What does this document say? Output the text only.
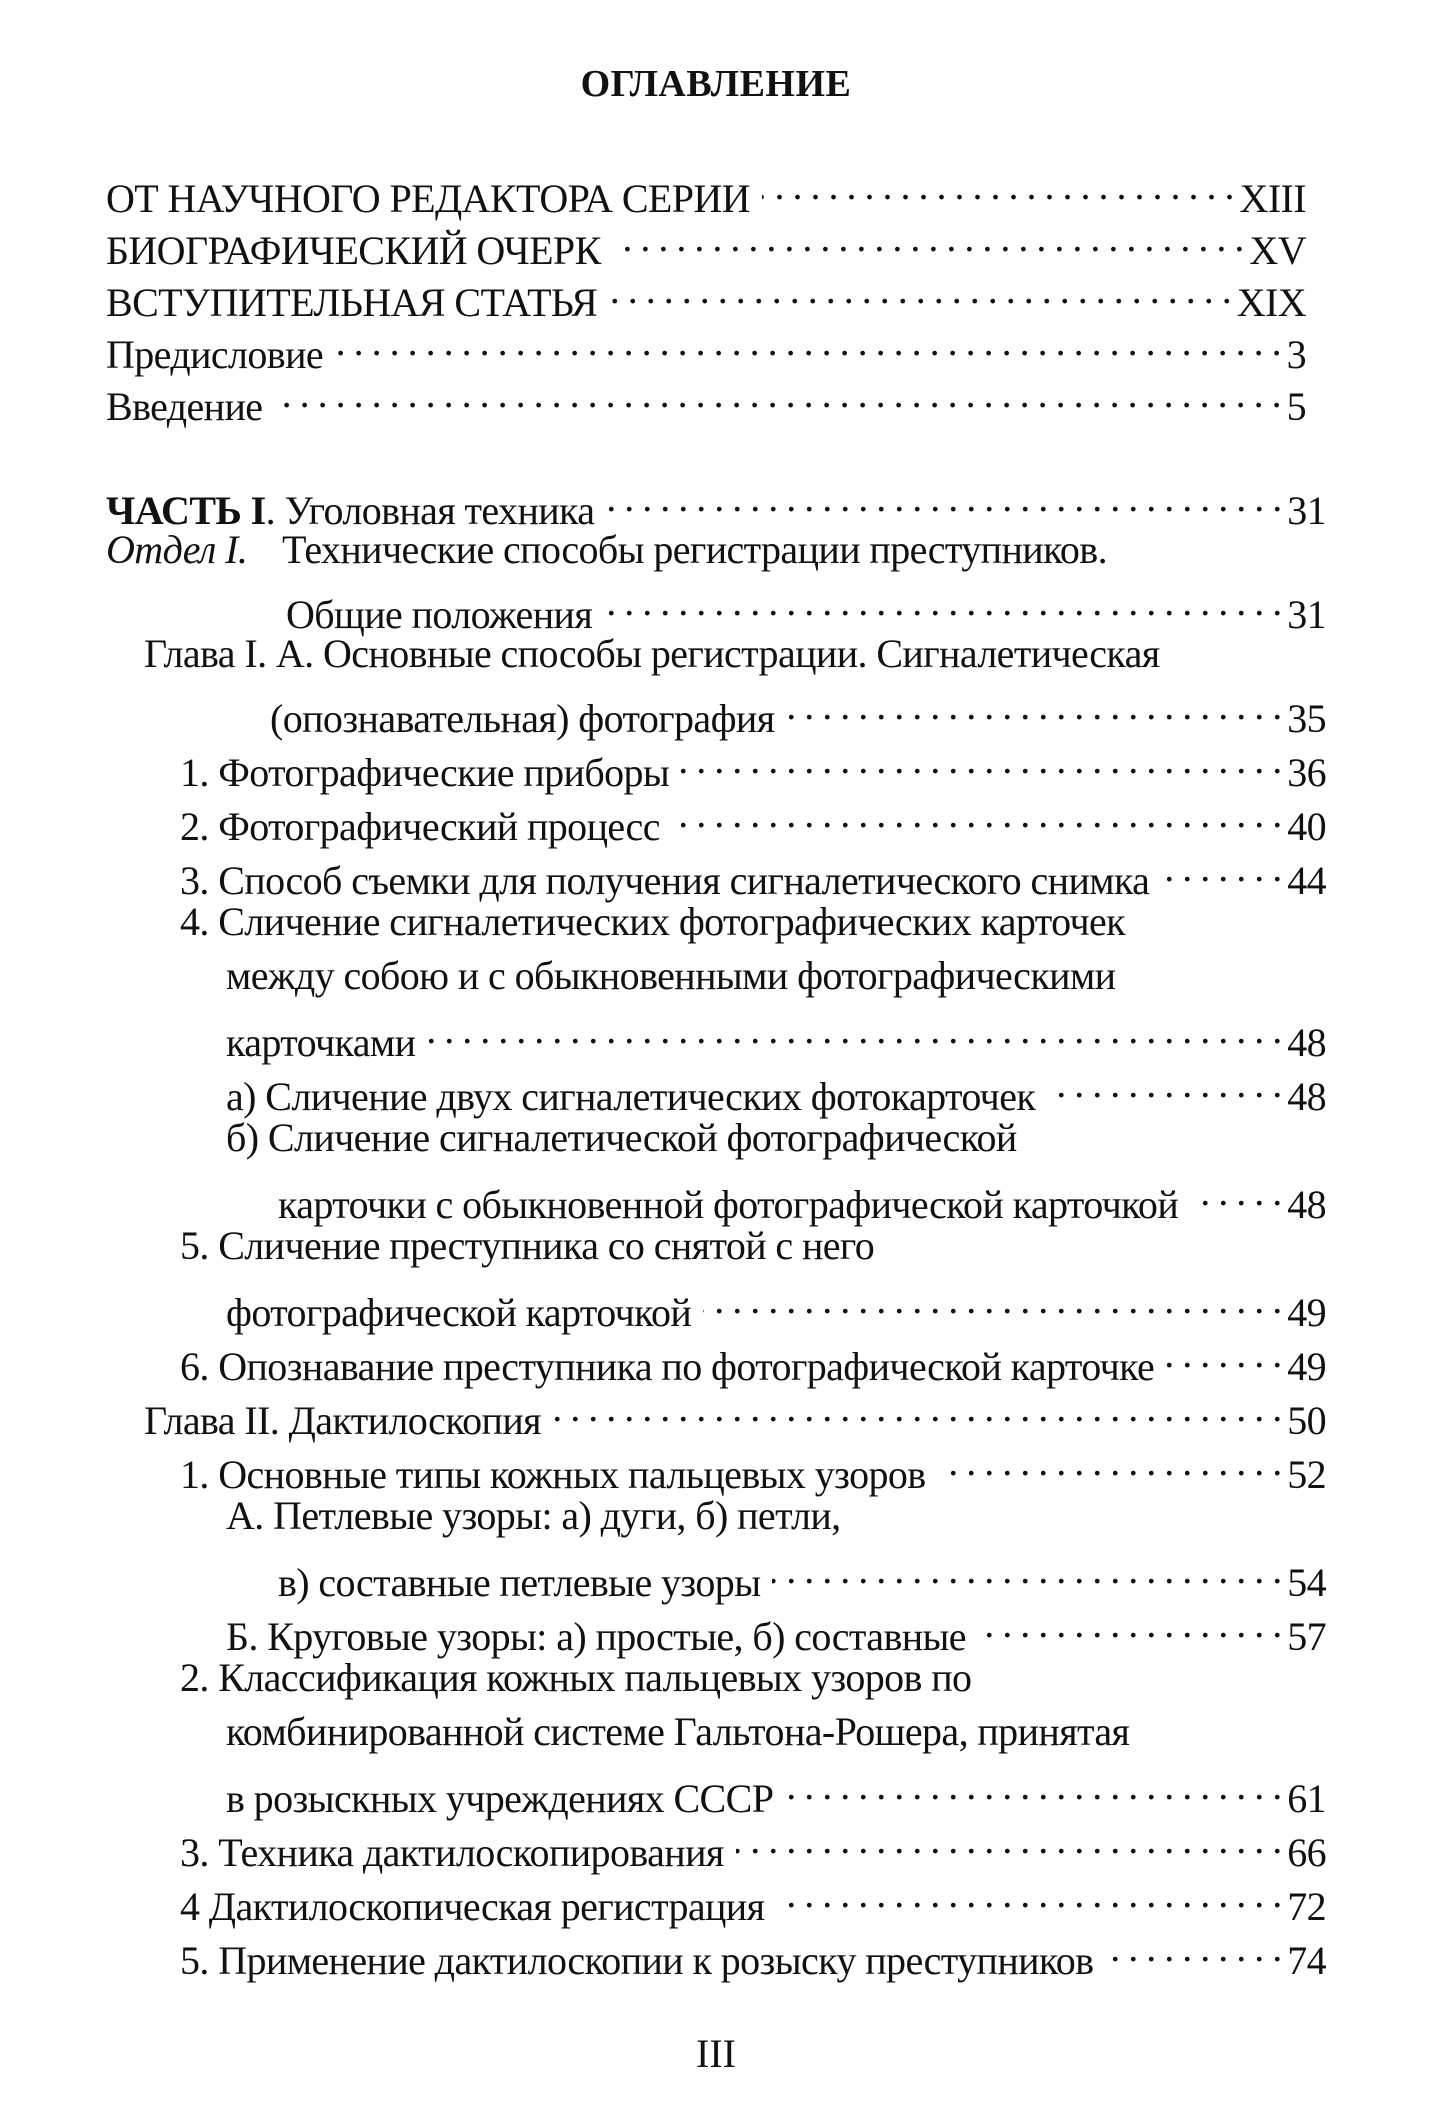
ОГЛАВЛЕНИЕ
ОТ НАУЧНОГО РЕДАКТОРА СЕРИИ . . .	XIII
БИОГРАФИЧЕСКИЙ ОЧЕРК . . .	XV
ВСТУПИТЕЛЬНАЯ СТАТЬЯ . . .	XIX
Предисловие . . .	3
Введение . . .	5
ЧАСТЬ I. Уголовная техника . . .	31
Отдел I. Технические способы регистрации преступников.
Общие положения . . .	31
Глава I. А. Основные способы регистрации. Сигналетическая
(опознавательная) фотография . . .	35
1. Фотографические приборы . . .	36
2. Фотографический процесс . . .	40
3. Способ съемки для получения сигналетического снимка . . .	44
4. Сличение сигналетических фотографических карточек
между собою и с обыкновенными фотографическими
карточками . . .	48
а) Сличение двух сигналетических фотокарточек . . .	48
б) Сличение сигналетической фотографической
карточки с обыкновенной фотографической карточкой . . .	48
5. Сличение преступника со снятой с него
фотографической карточкой . . .	49
6. Опознавание преступника по фотографической карточке . . .	49
Глава II. Дактилоскопия . . .	50
1. Основные типы кожных пальцевых узоров . . .	52
А. Петлевые узоры: а) дуги, б) петли,
в) составные петлевые узоры . . .	54
Б. Круговые узоры: а) простые, б) составные . . .	57
2. Классификация кожных пальцевых узоров по
комбинированной системе Гальтона-Рошера, принятая
в розыскных учреждениях СССР . . .	61
3. Техника дактилоскопирования . . .	66
4 Дактилоскопическая регистрация . . .	72
5. Применение дактилоскопии к розыску преступников . . .	74
III
